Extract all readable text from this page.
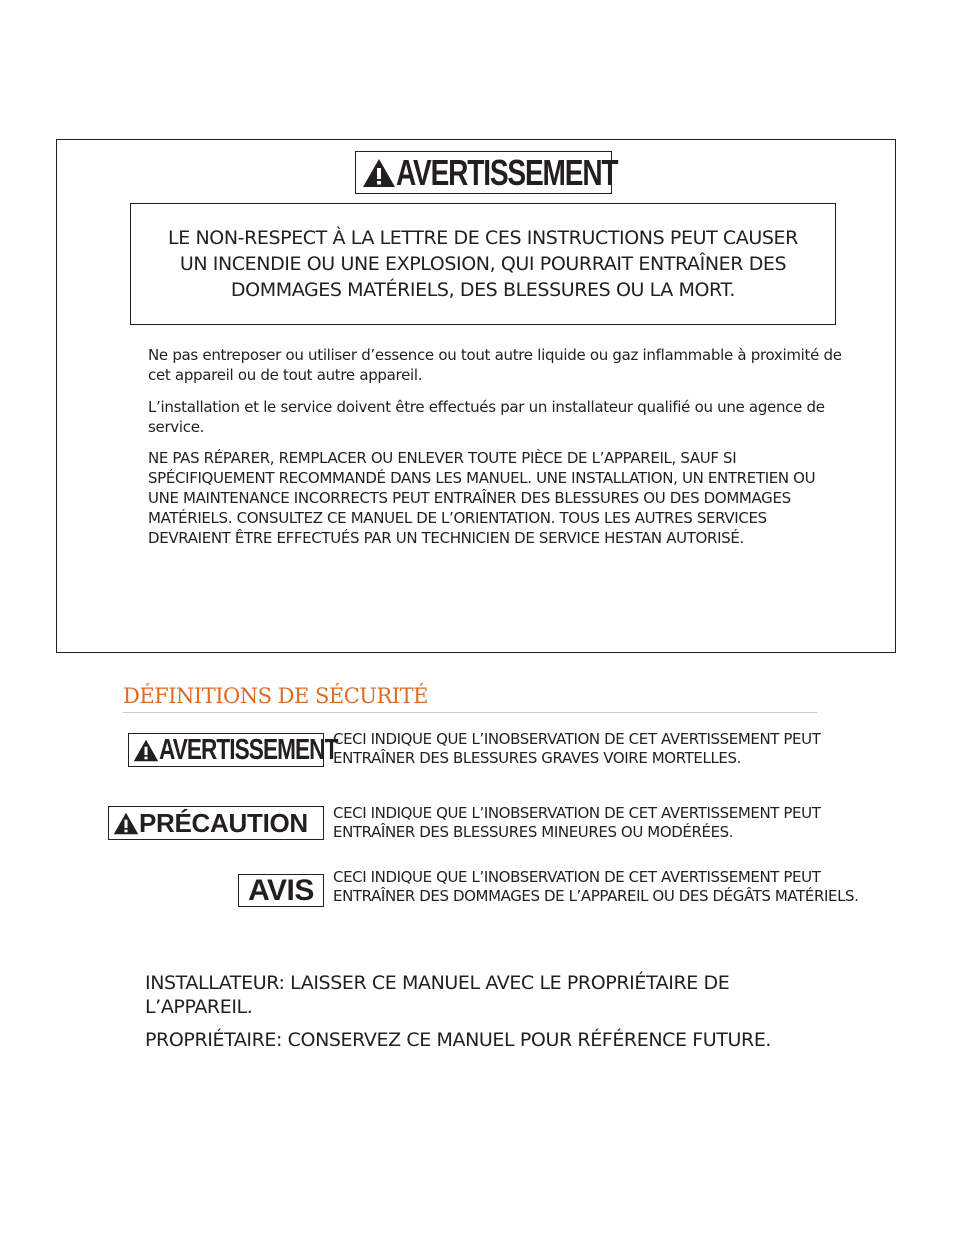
AVERTISSEMENT
LE NON-RESPECT À LA LETTRE DE CES INSTRUCTIONS PEUT CAUSER
UN INCENDIE OU UNE EXPLOSION, QUI POURRAIT ENTRAÎNER DES
DOMMAGES MATÉRIELS, DES BLESSURES OU LA MORT.

Ne pas entreposer ou utiliser d’essence ou tout autre liquide ou gaz inflammable à proximité de cet appareil ou de tout autre appareil.

L’installation et le service doivent être effectués par un installateur qualifié ou une agence de service.

NE PAS RÉPARER, REMPLACER OU ENLEVER TOUTE PIÈCE DE L’APPAREIL, SAUF SI SPÉCIFIQUEMENT RECOMMANDÉ DANS LES MANUEL. UNE INSTALLATION, UN ENTRETIEN OU UNE MAINTENANCE INCORRECTS PEUT ENTRAÎNER DES BLESSURES OU DES DOMMAGES MATÉRIELS. CONSULTEZ CE MANUEL DE L’ORIENTATION. TOUS LES AUTRES SERVICES DEVRAIENT ÊTRE EFFECTUÉS PAR UN TECHNICIEN DE SERVICE HESTAN AUTORISÉ.

DÉFINITIONS DE SÉCURITÉ
AVERTISSEMENT

CECI INDIQUE QUE L’INOBSERVATION DE CET AVERTISSEMENT PEUT ENTRAÎNER DES BLESSURES GRAVES VOIRE MORTELLES.

PRÉCAUTION	CECI INDIQUE QUE L’INOBSERVATION DE CET AVERTISSEMENT PEUT ENTRAÎNER DES BLESSURES MINEURES OU MODÉRÉES.

AVIS CECI INDIQUE QUE L’INOBSERVATION DE CET AVERTISSEMENT PEUT ENTRAÎNER DES DOMMAGES DE L’APPAREIL OU DES DÉGÂTS MATÉRIELS.

INSTALLATEUR: LAISSER CE MANUEL AVEC LE PROPRIÉTAIRE DE L’APPAREIL.

PROPRIÉTAIRE: CONSERVEZ CE MANUEL POUR RÉFÉRENCE FUTURE.
